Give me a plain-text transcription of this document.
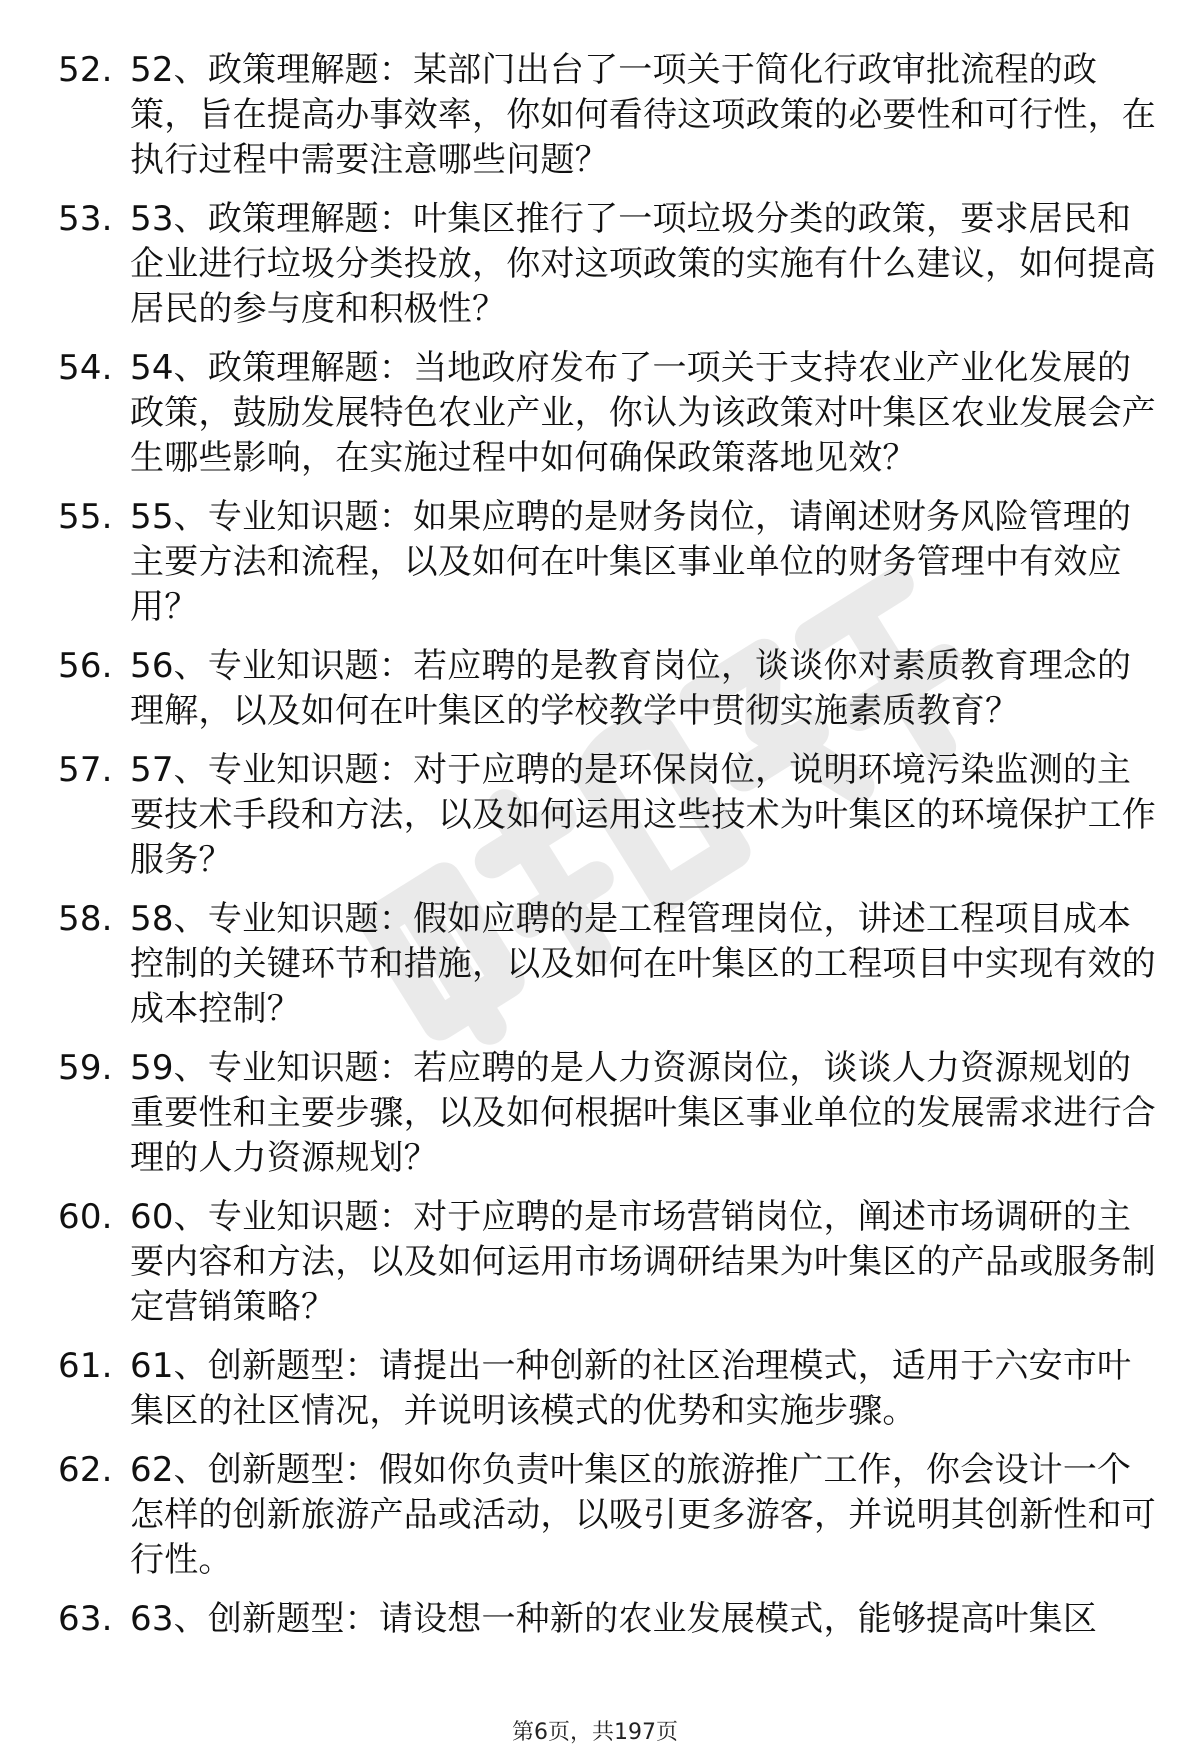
52. 52、政策理解题：某部门出台了一项关于简化行政审批流程的政策，旨在提高办事效率，你如何看待这项政策的必要性和可行性，在执行过程中需要注意哪些问题？
53. 53、政策理解题：叶集区推行了一项垃圾分类的政策，要求居民和企业进行垃圾分类投放，你对这项政策的实施有什么建议，如何提高居民的参与度和积极性？
54. 54、政策理解题：当地政府发布了一项关于支持农业产业化发展的政策，鼓励发展特色农业产业，你认为该政策对叶集区农业发展会产生哪些影响，在实施过程中如何确保政策落地见效？
55. 55、专业知识题：如果应聘的是财务岗位，请阐述财务风险管理的主要方法和流程，以及如何在叶集区事业单位的财务管理中有效应用？
56. 56、专业知识题：若应聘的是教育岗位，谈谈你对素质教育理念的理解，以及如何在叶集区的学校教学中贯彻实施素质教育？
57. 57、专业知识题：对于应聘的是环保岗位，说明环境污染监测的主要技术手段和方法，以及如何运用这些技术为叶集区的环境保护工作服务？
58. 58、专业知识题：假如应聘的是工程管理岗位，讲述工程项目成本控制的关键环节和措施，以及如何在叶集区的工程项目中实现有效的成本控制？
59. 59、专业知识题：若应聘的是人力资源岗位，谈谈人力资源规划的重要性和主要步骤，以及如何根据叶集区事业单位的发展需求进行合理的人力资源规划？
60. 60、专业知识题：对于应聘的是市场营销岗位，阐述市场调研的主要内容和方法，以及如何运用市场调研结果为叶集区的产品或服务制定营销策略？
61. 61、创新题型：请提出一种创新的社区治理模式，适用于六安市叶集区的社区情况，并说明该模式的优势和实施步骤。
62. 62、创新题型：假如你负责叶集区的旅游推广工作，你会设计一个怎样的创新旅游产品或活动，以吸引更多游客，并说明其创新性和可行性。
63. 63、创新题型：请设想一种新的农业发展模式，能够提高叶集区
第6页，共197页
